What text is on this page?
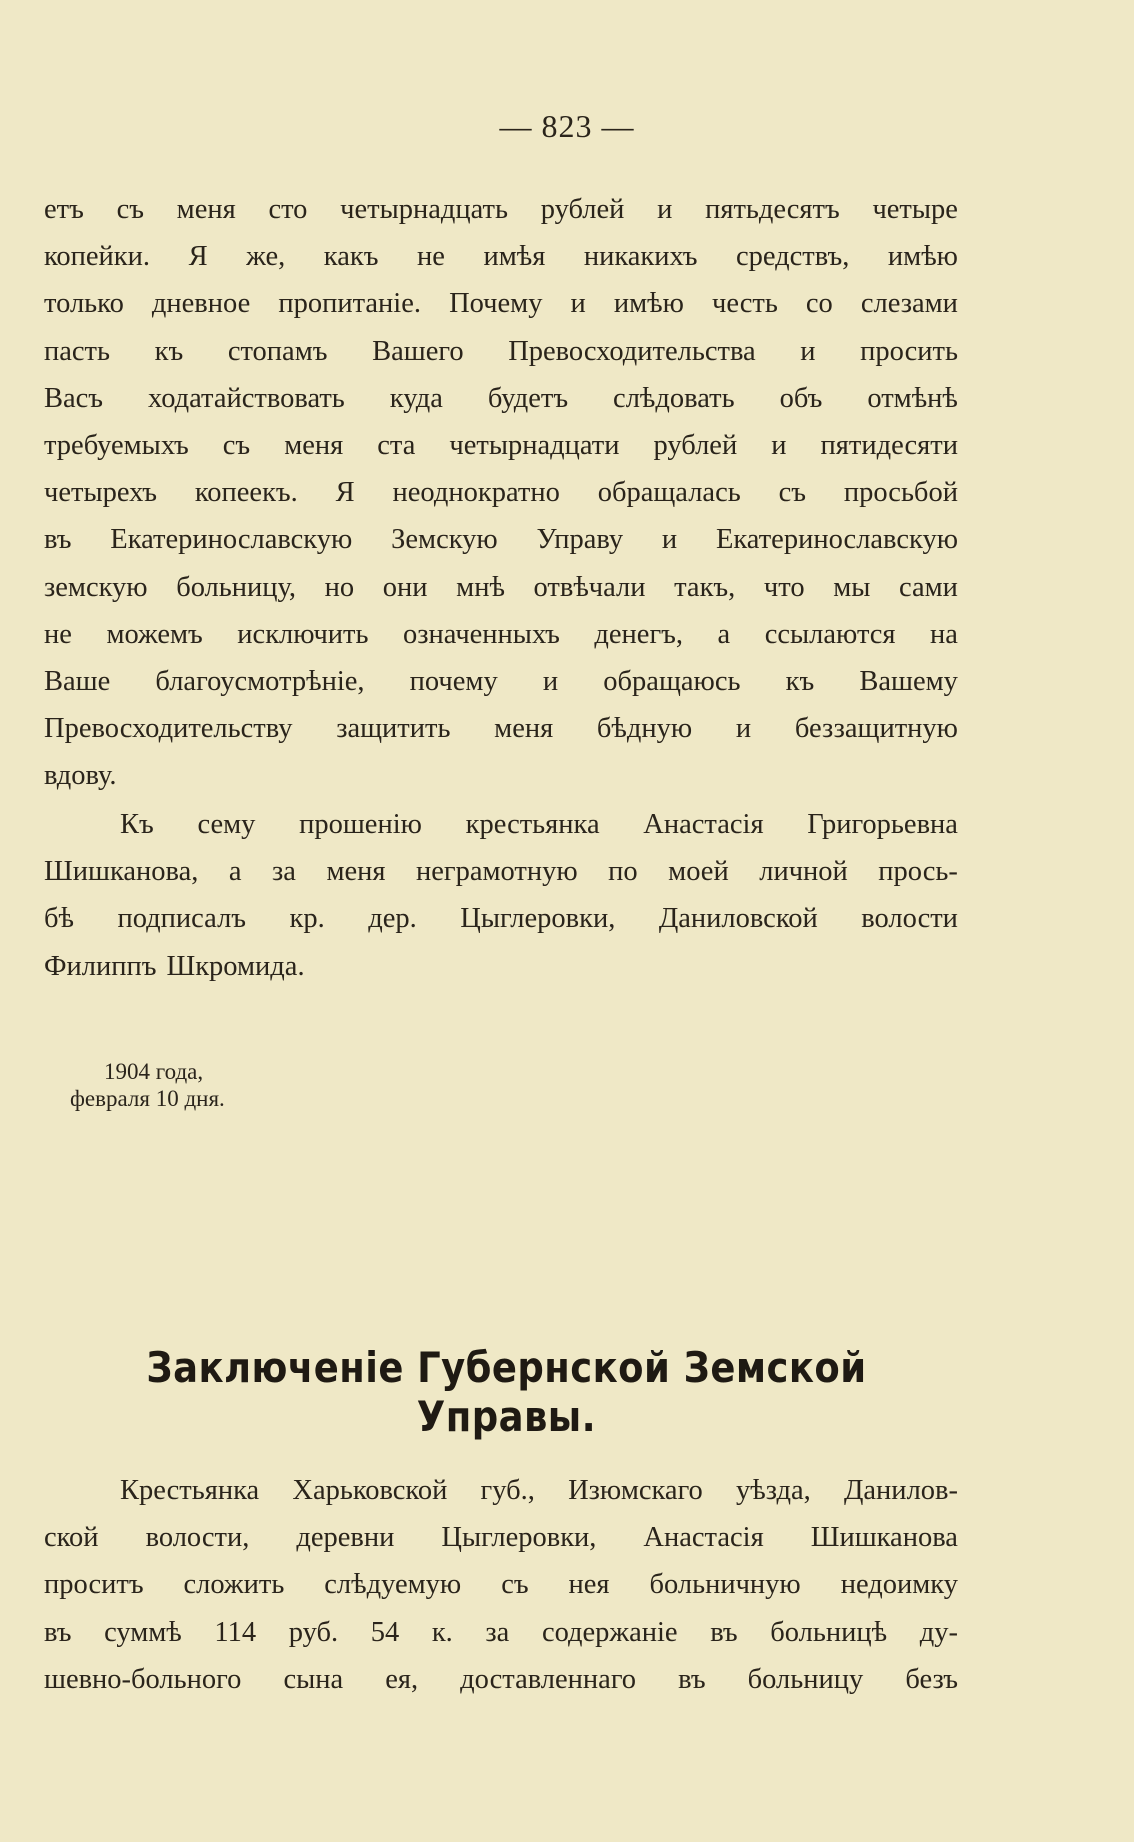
— 823 —
етъ съ меня сто четырнадцать рублей и пятьдесятъ четыре
копейки. Я же, какъ не имѣя никакихъ средствъ, имѣю
только дневное пропитаніе. Почему и имѣю честь со слезами
пасть къ стопамъ Вашего Превосходительства и просить
Васъ ходатайствовать куда будетъ слѣдовать объ отмѣнѣ
требуемыхъ съ меня ста четырнадцати рублей и пятидесяти
четырехъ копеекъ. Я неоднократно обращалась съ просьбой
въ Екатеринославскую Земскую Управу и Екатеринославскую
земскую больницу, но они мнѣ отвѣчали такъ, что мы сами
не можемъ исключить означенныхъ денегъ, а ссылаются на
Ваше благоусмотрѣніе, почему и обращаюсь къ Вашему
Превосходительству защитить меня бѣдную и беззащитную
вдову.
Къ сему прошенію крестьянка Анастасія Григорьевна
Шишканова, а за меня неграмотную по моей личной прось-
бѣ подписалъ кр. дер. Цыглеровки, Даниловской волости
Филиппъ Шкромида.
1904 года,
февраля 10 дня.
Заключеніе Губернской Земской Управы.
Крестьянка Харьковской губ., Изюмскаго уѣзда, Данилов-
ской волости, деревни Цыглеровки, Анастасія Шишканова
проситъ сложить слѣдуемую съ нея больничную недоимку
въ суммѣ 114 руб. 54 к. за содержаніе въ больницѣ ду-
шевно-больного сына ея, доставленнаго въ больницу безъ
